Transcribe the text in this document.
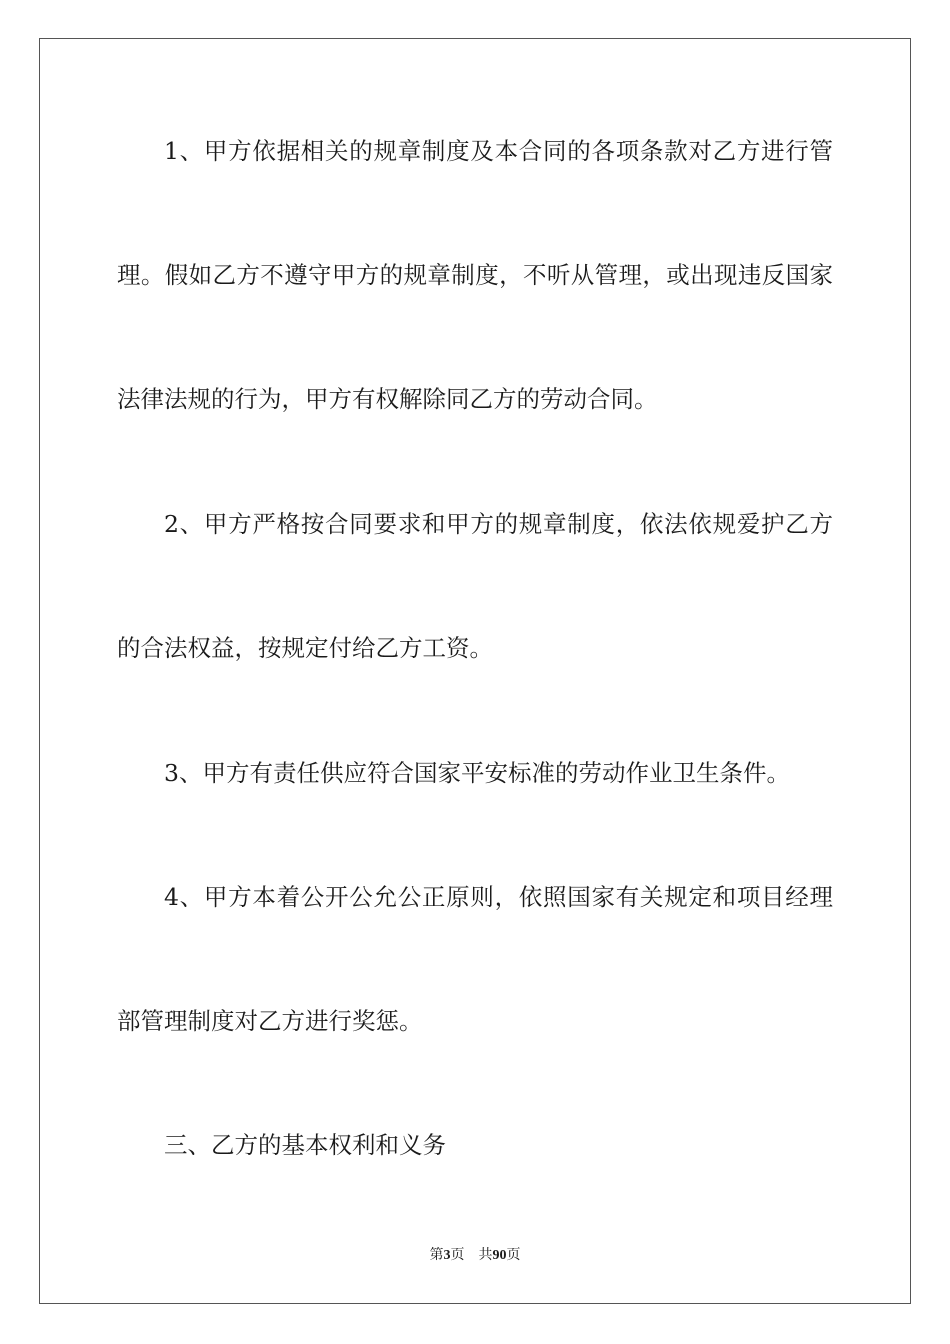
1、甲方依据相关的规章制度及本合同的各项条款对乙方进行管
理。假如乙方不遵守甲方的规章制度，不听从管理，或出现违反国家
法律法规的行为，甲方有权解除同乙方的劳动合同。
2、甲方严格按合同要求和甲方的规章制度，依法依规爱护乙方
的合法权益，按规定付给乙方工资。
3、甲方有责任供应符合国家平安标准的劳动作业卫生条件。
4、甲方本着公开公允公正原则，依照国家有关规定和项目经理
部管理制度对乙方进行奖惩。
三、乙方的基本权利和义务
第3页 共90页
